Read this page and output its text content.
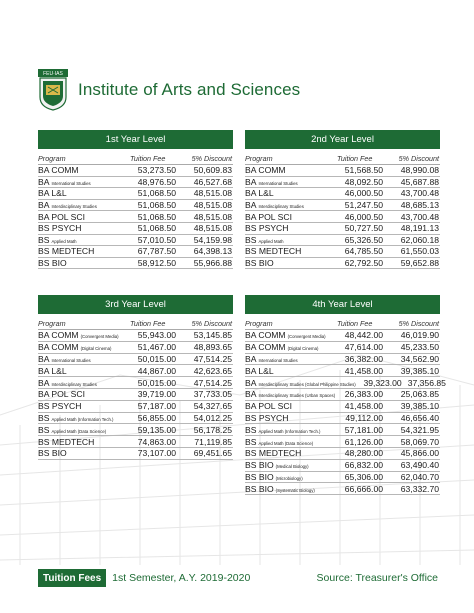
FEU·IAS
Institute of Arts and Sciences
1st Year Level
Program	Tuition Fee	5% Discount
BA COMM	53,273.50	50,609.83
BA International Studies	48,976.50	46,527.68
BA L&L	51,068.50	48,515.08
BA Interdisciplinary Studies	51,068.50	48,515.08
BA POL SCI	51,068.50	48,515.08
BS PSYCH	51,068.50	48,515.08
BS Applied Math	57,010.50	54,159.98
BS MEDTECH	67,787.50	64,398.13
BS BIO	58,912.50	55,966.88
2nd Year Level
Program	Tuition Fee	5% Discount
BA COMM	51,568.50	48,990.08
BA International Studies	48,092.50	45,687.88
BA L&L	46,000.50	43,700.48
BA Interdisciplinary Studies	51,247.50	48,685.13
BA POL SCI	46,000.50	43,700.48
BS PSYCH	50,727.50	48,191.13
BS Applied Math	65,326.50	62,060.18
BS MEDTECH	64,785.50	61,550.03
BS BIO	62,792.50	59,652.88
3rd Year Level
Program	Tuition Fee	5% Discount
BA COMM (Convergent Media)	55,943.00	53,145.85
BA COMM (Digital Cinema)	51,467.00	48,893.65
BA International Studies	50,015.00	47,514.25
BA L&L	44,867.00	42,623.65
BA Interdisciplinary Studies	50,015.00	47,514.25
BA POL SCI	39,719.00	37,733.05
BS PSYCH	57,187.00	54,327.65
BS Applied Math (Information Tech.)	56,855.00	54,012.25
BS Applied Math (Data Science)	59,135.00	56,178.25
BS MEDTECH	74,863.00	71,119.85
BS BIO	73,107.00	69,451.65
4th Year Level
Program	Tuition Fee	5% Discount
BA COMM (Convergent Media)	48,442.00	46,019.90
BA COMM (Digital Cinema)	47,614.00	45,233.50
BA International Studies	36,382.00	34,562.90
BA L&L	41,458.00	39,385.10
BA Interdisciplinary Studies (Global Philippine Studies) 39,323.00 37,356.85
BA Interdisciplinary Studies (Urban Spaces)	26,383.00	25,063.85
BA POL SCI	41,458.00	39,385.10
BS PSYCH	49,112.00	46,656.40
BS Applied Math (Information Tech.)	57,181.00	54,321.95
BS Applied Math (Data Science)	61,126.00	58,069.70
BS MEDTECH	48,280.00	45,866.00
BS BIO (Medical Biology)	66,832.00	63,490.40
BS BIO (Microbiology)	65,306.00	62,040.70
BS BIO (Systematic Biology)	66,666.00	63,332.70
Tuition Fees	1st Semester, A.Y. 2019-2020	Source: Treasurer's Office
